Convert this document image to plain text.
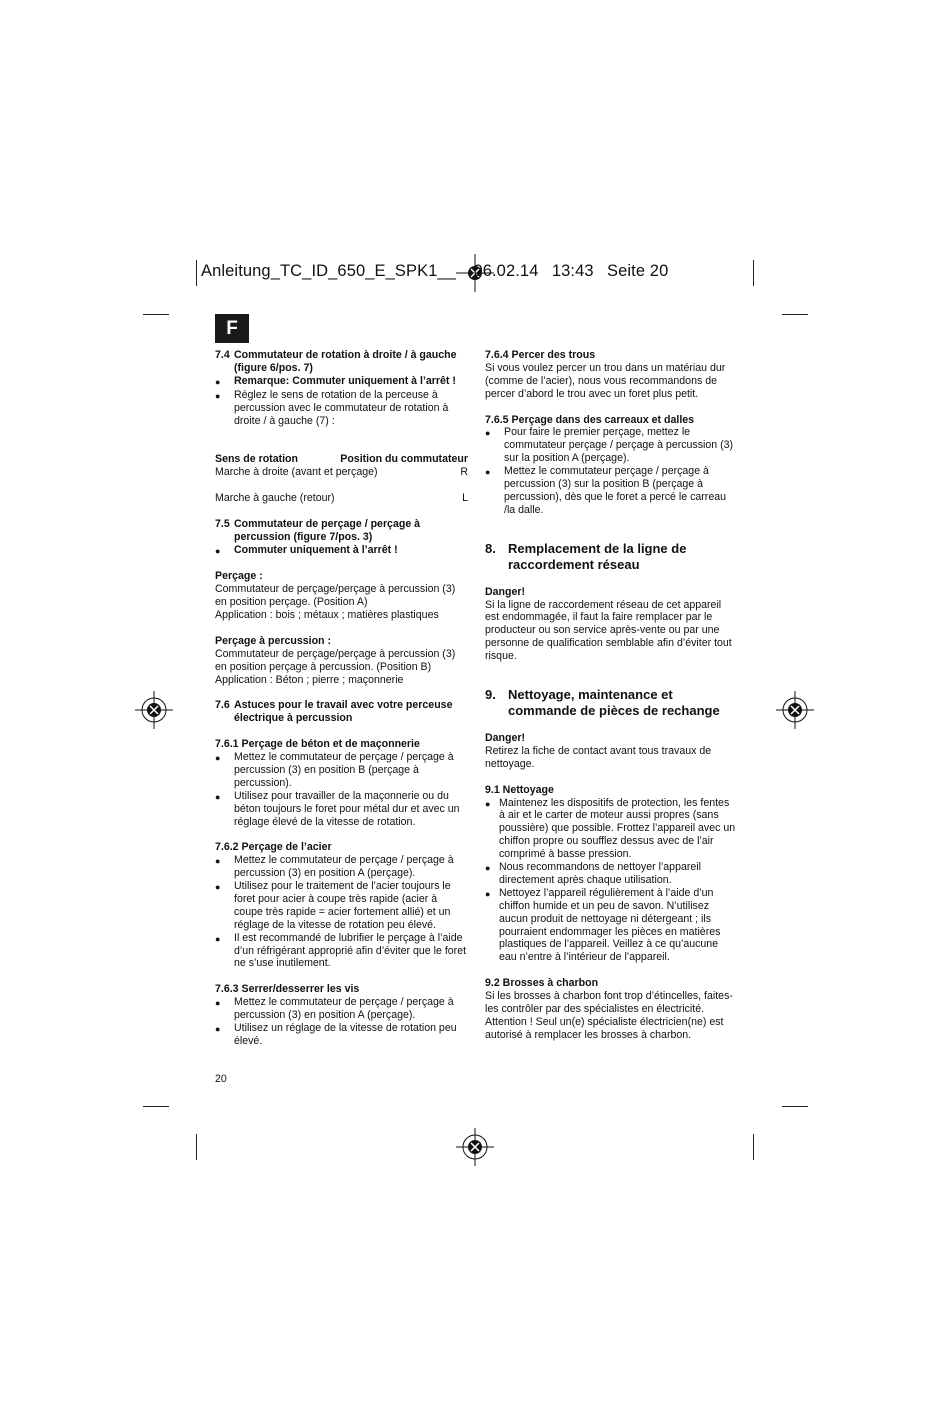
Anleitung_TC_ID_650_E_SPK1__ 06.02.14 13:43 Seite 20
F
7.4 Commutateur de rotation à droite / à gauche (figure 6/pos. 7)
●	Remarque: Commuter uniquement à l’arrêt !
●	Réglez le sens de rotation de la perceuse à percussion avec le commutateur de rotation à droite / à gauche (7) :
Sens de rotation	Position du commutateur
Marche à droite (avant et perçage)	R
Marche à gauche (retour)	L
7.5 Commutateur de perçage / perçage à percussion (figure 7/pos. 3)
●	Commuter uniquement à l’arrêt !

Perçage :

Commutateur de perçage/perçage à percussion (3) en position perçage. (Position A)

Application : bois ; métaux ; matières plastiques

Perçage à percussion :

Commutateur de perçage/perçage à percussion (3) en position perçage à percussion. (Position B)

Application : Béton ; pierre ; maçonnerie

7.6 Astuces pour le travail avec votre perceuse électrique à percussion

7.6.1 Perçage de béton et de maçonnerie

●	Mettez le commutateur de perçage / perçage à percussion (3) en position B (perçage à percussion).
●	Utilisez pour travailler de la maçonnerie ou du béton toujours le foret pour métal dur et avec un réglage élevé de la vitesse de rotation.

7.6.2 Perçage de l’acier

●	Mettez le commutateur de perçage / perçage à percussion (3) en position A (perçage).
●	Utilisez pour le traitement de l’acier toujours le foret pour acier à coupe très rapide (acier à coupe très rapide = acier fortement allié) et un réglage de la vitesse de rotation peu élevé.
●	Il est recommandé de lubrifier le perçage à l’aide d’un réfrigérant approprié afin d’éviter que le foret ne s’use inutilement.

7.6.3 Serrer/desserrer les vis

●	Mettez le commutateur de perçage / perçage à percussion (3) en position A (perçage).
●	Utilisez un réglage de la vitesse de rotation peu élevé.

7.6.4 Percer des trous

Si vous voulez percer un trou dans un matériau dur (comme de l’acier), nous vous recommandons de percer d’abord le trou avec un foret plus petit.

7.6.5 Perçage dans des carreaux et dalles

●	Pour faire le premier perçage, mettez le commutateur perçage / perçage à percussion (3) sur la position A (perçage).
●	Mettez le commutateur perçage / perçage à percussion (3) sur la position B (perçage à percussion), dès que le foret a percé le carreau /la dalle.
8. Remplacement de la ligne de raccordement réseau

Danger!

Si la ligne de raccordement réseau de cet appareil est endommagée, il faut la faire remplacer par le producteur ou son service après-vente ou par une personne de qualification semblable afin d’éviter tout risque.

9. Nettoyage, maintenance et commande de pièces de rechange

Danger!

Retirez la fiche de contact avant tous travaux de nettoyage.

9.1 Nettoyage

● Maintenez les dispositifs de protection, les fentes à air et le carter de moteur aussi propres (sans poussière) que possible. Frottez l’appareil avec un chiffon propre ou soufflez dessus avec de l’air comprimé à basse pression.
● Nous recommandons de nettoyer l’appareil directement après chaque utilisation.
● Nettoyez l’appareil régulièrement à l’aide d’un chiffon humide et un peu de savon. N’utilisez aucun produit de nettoyage ni détergeant ; ils pourraient endommager les pièces en matières plastiques de l’appareil. Veillez à ce qu’aucune eau n’entre à l’intérieur de l’appareil.

9.2 Brosses à charbon

Si les brosses à charbon font trop d’étincelles, faites-les contrôler par des spécialistes en électricité.

Attention ! Seul un(e) spécialiste électricien(ne) est autorisé à remplacer les brosses à charbon.

20
